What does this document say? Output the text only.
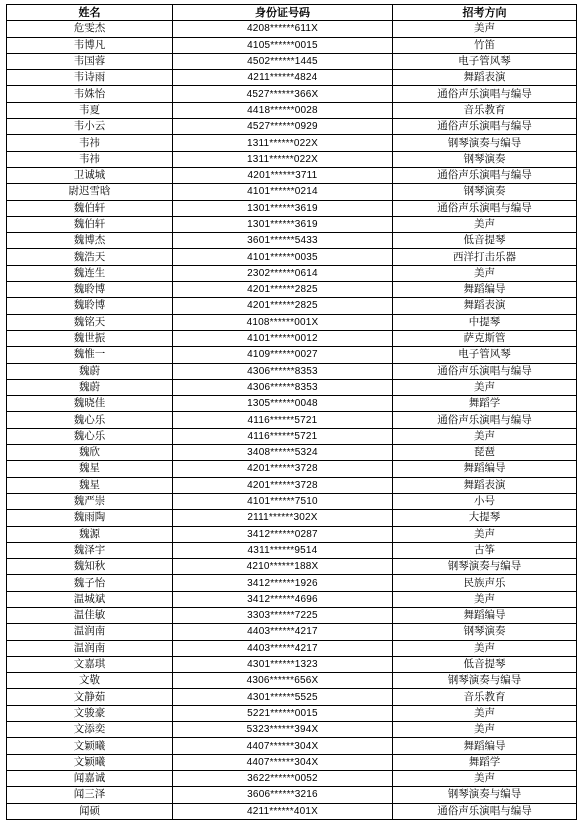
姓名	身份证号码	招考方向
危雯杰	4208******611X	美声
韦博凡	4105******0015	竹笛
韦国蓉	4502******1445	电子管风琴
韦诗雨	4211******4824	舞蹈表演
韦姝怡	4527******366X	通俗声乐演唱与编导
韦夏	4418******0028	音乐教育
韦小云	4527******0929	通俗声乐演唱与编导
韦祎	1311******022X	钢琴演奏与编导
韦祎	1311******022X	钢琴演奏
卫诚城	4201******3711	通俗声乐演唱与编导
尉迟雪晗	4101******0214	钢琴演奏
魏伯轩	1301******3619	通俗声乐演唱与编导
魏伯轩	1301******3619	美声
魏博杰	3601******5433	低音提琴
魏浩天	4101******0035	西洋打击乐器
魏连生	2302******0614	美声
魏聆博	4201******2825	舞蹈编导
魏聆博	4201******2825	舞蹈表演
魏铭天	4108******001X	中提琴
魏世振	4101******0012	萨克斯管
魏惟一	4109******0027	电子管风琴
魏蔚	4306******8353	通俗声乐演唱与编导
魏蔚	4306******8353	美声
魏晓佳	1305******0048	舞蹈学
魏心乐	4116******5721	通俗声乐演唱与编导
魏心乐	4116******5721	美声
魏欣	3408******5324	琵琶
魏星	4201******3728	舞蹈编导
魏星	4201******3728	舞蹈表演
魏严崇	4101******7510	小号
魏雨陶	2111******302X	大提琴
魏源	3412******0287	美声
魏泽宇	4311******9514	古筝
魏知秋	4210******188X	钢琴演奏与编导
魏子怡	3412******1926	民族声乐
温城斌	3412******4696	美声
温佳敏	3303******7225	舞蹈编导
温润南	4403******4217	钢琴演奏
温润南	4403******4217	美声
文嘉琪	4301******1323	低音提琴
文敬	4306******656X	钢琴演奏与编导
文静茹	4301******5525	音乐教育
文骏豪	5221******0015	美声
文添奕	5323******394X	美声
文颖曦	4407******304X	舞蹈编导
文颖曦	4407******304X	舞蹈学
闻嘉诚	3622******0052	美声
闻三泽	3606******3216	钢琴演奏与编导
闻硕	4211******401X	通俗声乐演唱与编导
